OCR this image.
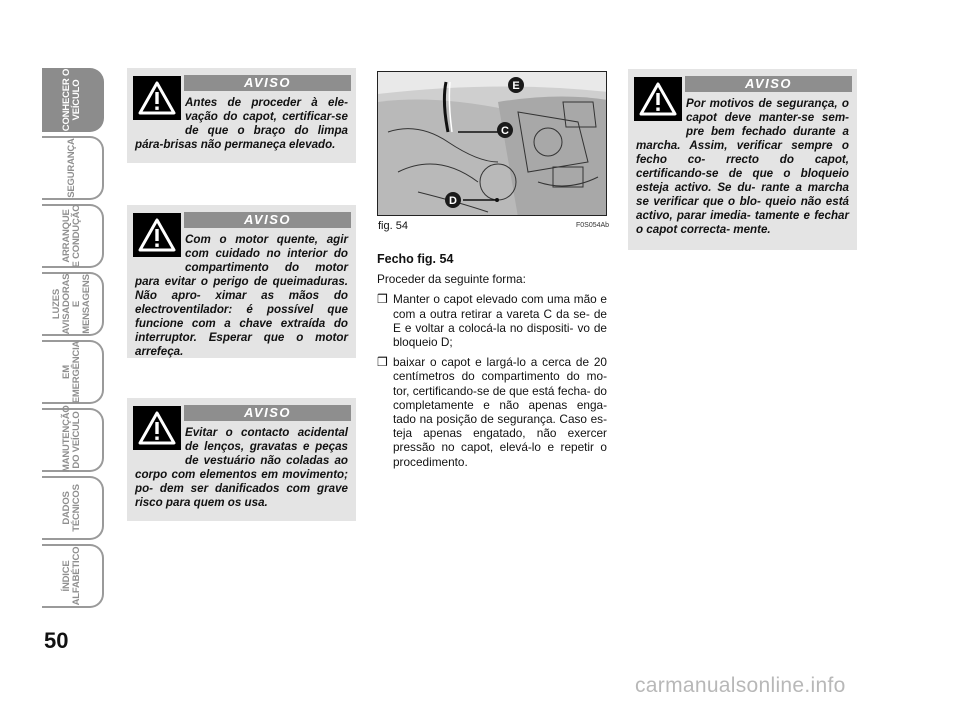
CONHECER O VEÍCULO
SEGURANÇA
ARRANQUE E CONDUÇÃO
LUZES AVISADORAS E MENSAGENS
EM EMERGÊNCIA
MANUTENÇÃO DO VEÍCULO
DADOS TÉCNICOS
ÍNDICE ALFABÉTICO
50
AVISO
Antes de proceder à ele- vação do capot, certificar-se de que o braço do limpa pára-brisas não permaneça elevado.
AVISO
Com o motor quente, agir com cuidado no interior do compartimento do motor para evitar o perigo de queimaduras. Não apro- ximar as mãos do electroventilador: é possível que funcione com a chave extraída do interruptor. Esperar que o motor arrefeça.
AVISO
Evitar o contacto acidental de lenços, gravatas e peças de vestuário não coladas ao corpo com elementos em movimento; po- dem ser danificados com grave risco para quem os usa.
AVISO
Por motivos de segurança, o capot deve manter-se sem- pre bem fechado durante a marcha. Assim, verificar sempre o fecho co- rrecto do capot, certificando-se de que o bloqueio esteja activo. Se du- rante a marcha se verificar que o blo- queio não está activo, parar imedia- tamente e fechar o capot correcta- mente.
E
C
D
fig. 54	F0S054Ab
Fecho fig. 54

Proceder da seguinte forma:

❒ Manter o capot elevado com uma mão e com a outra retirar a vareta C da se- de E e voltar a colocá-la no dispositi- vo de bloqueio D;
❒ baixar o capot e largá-lo a cerca de 20 centímetros do compartimento do mo- tor, certificando-se de que está fecha- do completamente e não apenas enga- tado na posição de segurança. Caso es- teja apenas engatado, não exercer pressão no capot, elevá-lo e repetir o procedimento.
carmanualsonline.info
